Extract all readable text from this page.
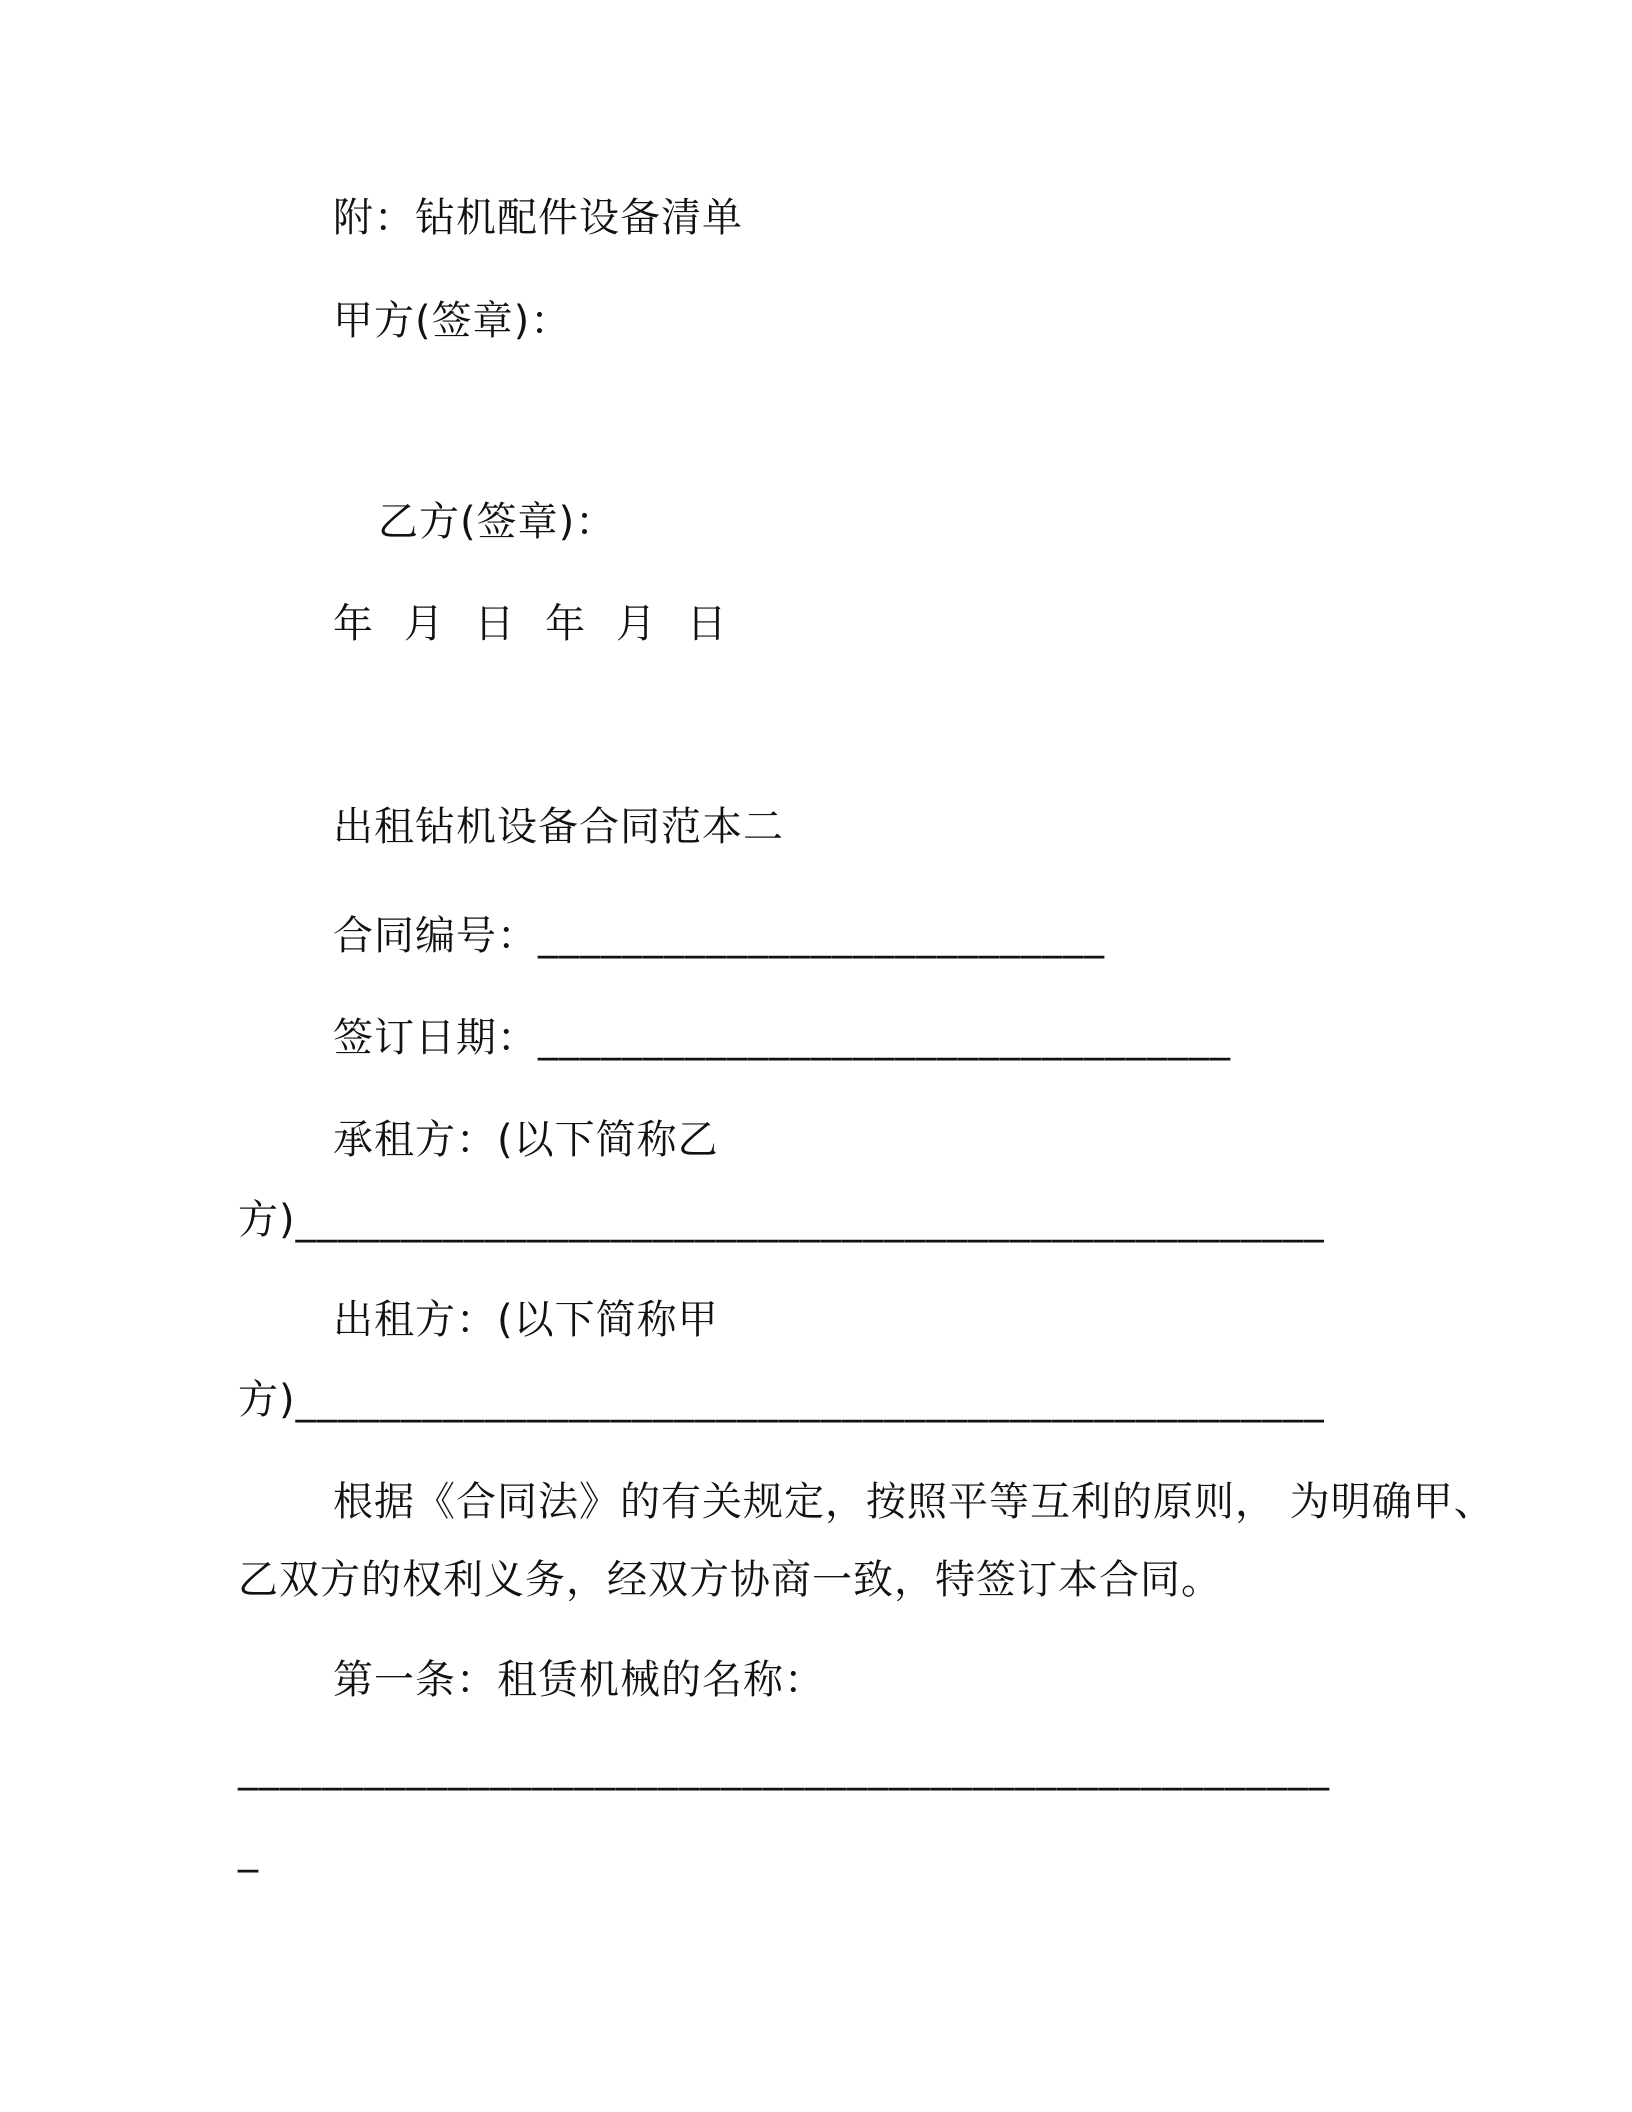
附：钻机配件设备清单

甲方(签章)：

乙方(签章)：

年 月 日 年 月 日

出租钻机设备合同范本二

合同编号：___________________________

签订日期：_________________________________

承租方：(以下简称乙

方)_________________________________________________

出租方：(以下简称甲

方)_________________________________________________

根据《合同法》的有关规定，按照平等互利的原则， 为明确甲、

乙双方的权利义务，经双方协商一致，特签订本合同。

第一条：租赁机械的名称：

____________________________________________________

_
